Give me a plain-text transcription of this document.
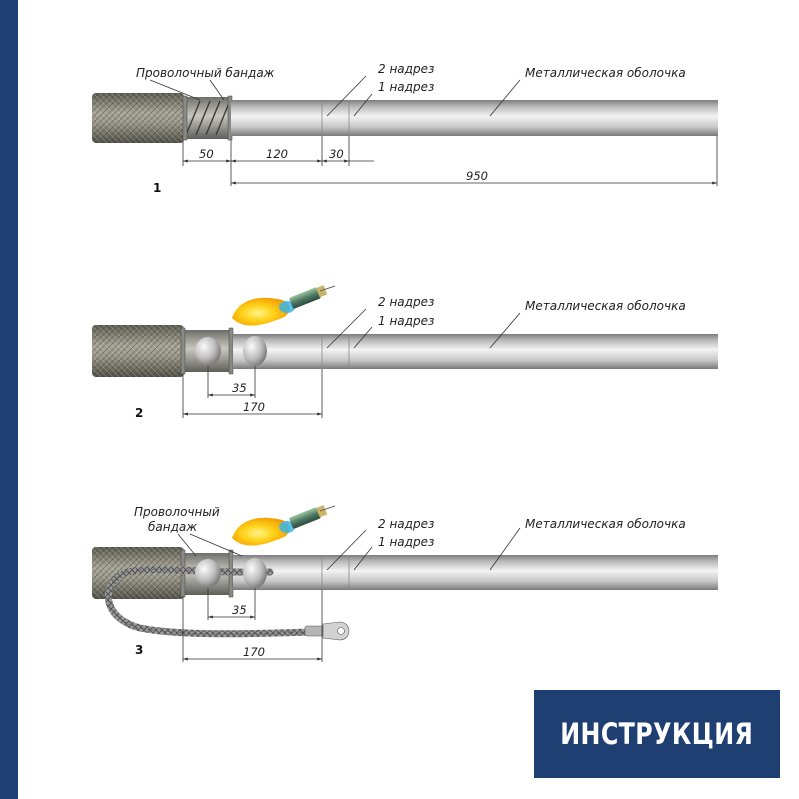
Проволочный бандаж	2 надрез
1 надрез
Металлическая оболочка
50	120	30
950
1
2 надрез
1 надрез
Металлическая оболочка
35
170
2
Проволочный
бандаж	2 надрез
1 надрез
Металлическая оболочка
35
170
3
ИНСТРУКЦИЯ
